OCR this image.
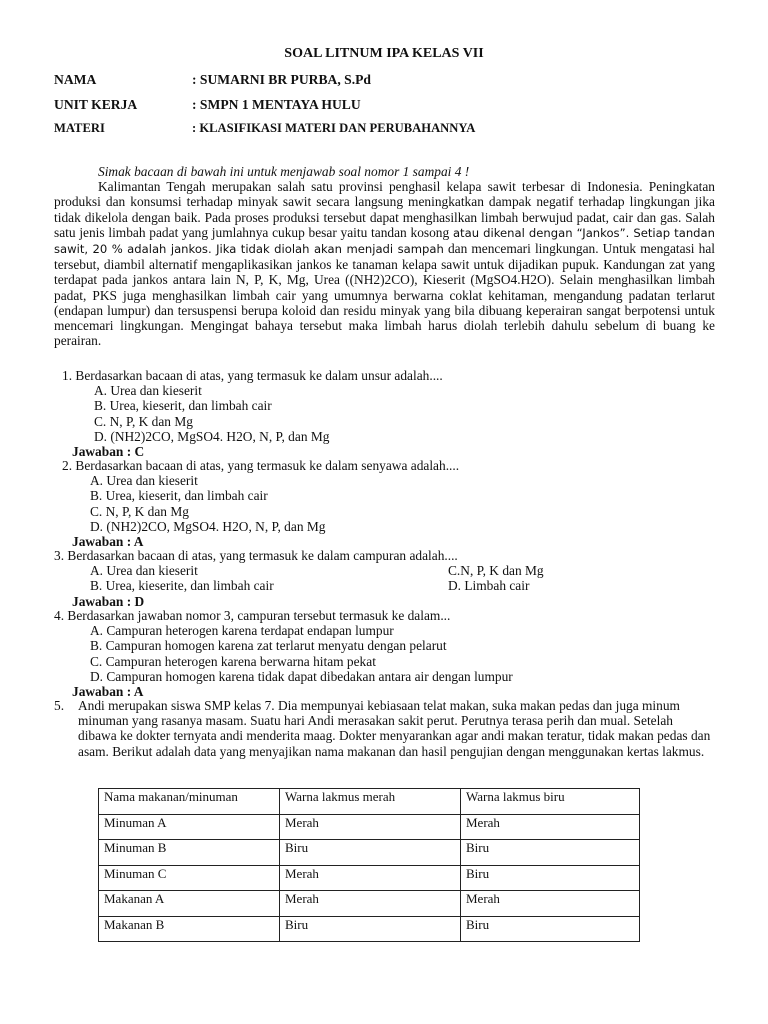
SOAL LITNUM IPA KELAS VII
NAMA	: SUMARNI BR PURBA, S.Pd
UNIT KERJA	: SMPN 1 MENTAYA HULU
MATERI	: KLASIFIKASI MATERI DAN PERUBAHANNYA

Simak bacaan di bawah ini untuk menjawab soal nomor 1 sampai 4 !

Kalimantan Tengah merupakan salah satu provinsi penghasil kelapa sawit terbesar di Indonesia. Peningkatan produksi dan konsumsi terhadap minyak sawit secara langsung meningkatkan dampak negatif terhadap lingkungan jika tidak dikelola dengan baik. Pada proses produksi tersebut dapat menghasilkan limbah berwujud padat, cair dan gas. Salah satu jenis limbah padat yang jumlahnya cukup besar yaitu tandan kosong atau dikenal dengan “Jankos”. Setiap tandan sawit, 20 % adalah jankos. Jika tidak diolah akan menjadi sampah dan mencemari lingkungan. Untuk mengatasi hal tersebut, diambil alternatif mengaplikasikan jankos ke tanaman kelapa sawit untuk dijadikan pupuk. Kandungan zat yang terdapat pada jankos antara lain N, P, K, Mg, Urea ((NH2)2CO), Kieserit (MgSO4.H2O). Selain menghasilkan limbah padat, PKS juga menghasilkan limbah cair yang umumnya berwarna coklat kehitaman, mengandung padatan terlarut (endapan lumpur) dan tersuspensi berupa koloid dan residu minyak yang bila dibuang keperairan sangat berpotensi untuk mencemari lingkungan. Mengingat bahaya tersebut maka limbah harus diolah terlebih dahulu sebelum di buang ke perairan.

1. Berdasarkan bacaan di atas, yang termasuk ke dalam unsur adalah....
A. Urea dan kieserit
B. Urea, kieserit, dan limbah cair
C. N, P, K dan Mg
D. (NH2)2CO, MgSO4. H2O, N, P, dan Mg
Jawaban : C
2. Berdasarkan bacaan di atas, yang termasuk ke dalam senyawa adalah....
A. Urea dan kieserit
B. Urea, kieserit, dan limbah cair
C. N, P, K dan Mg
D. (NH2)2CO, MgSO4. H2O, N, P, dan Mg
Jawaban : A
3. Berdasarkan bacaan di atas, yang termasuk ke dalam campuran adalah....
A. Urea dan kieserit	C.N, P, K dan Mg
B. Urea, kieserite, dan limbah cair	D. Limbah cair
Jawaban : D
4. Berdasarkan jawaban nomor 3, campuran tersebut termasuk ke dalam...
A. Campuran heterogen karena terdapat endapan lumpur
B. Campuran homogen karena zat terlarut menyatu dengan pelarut
C. Campuran heterogen karena berwarna hitam pekat
D. Campuran homogen karena tidak dapat dibedakan antara air dengan lumpur
Jawaban : A
5. Andi merupakan siswa SMP kelas 7. Dia mempunyai kebiasaan telat makan, suka makan pedas dan juga minum minuman yang rasanya masam. Suatu hari Andi merasakan sakit perut. Perutnya terasa perih dan mual. Setelah dibawa ke dokter ternyata andi menderita maag. Dokter menyarankan agar andi makan teratur, tidak makan pedas dan asam. Berikut adalah data yang menyajikan nama makanan dan hasil pengujian dengan menggunakan kertas lakmus.
Nama makanan/minuman	Warna lakmus merah	Warna lakmus biru
Minuman A	Merah	Merah
Minuman B	Biru	Biru
Minuman C	Merah	Biru
Makanan A	Merah	Merah
Makanan B	Biru	Biru
